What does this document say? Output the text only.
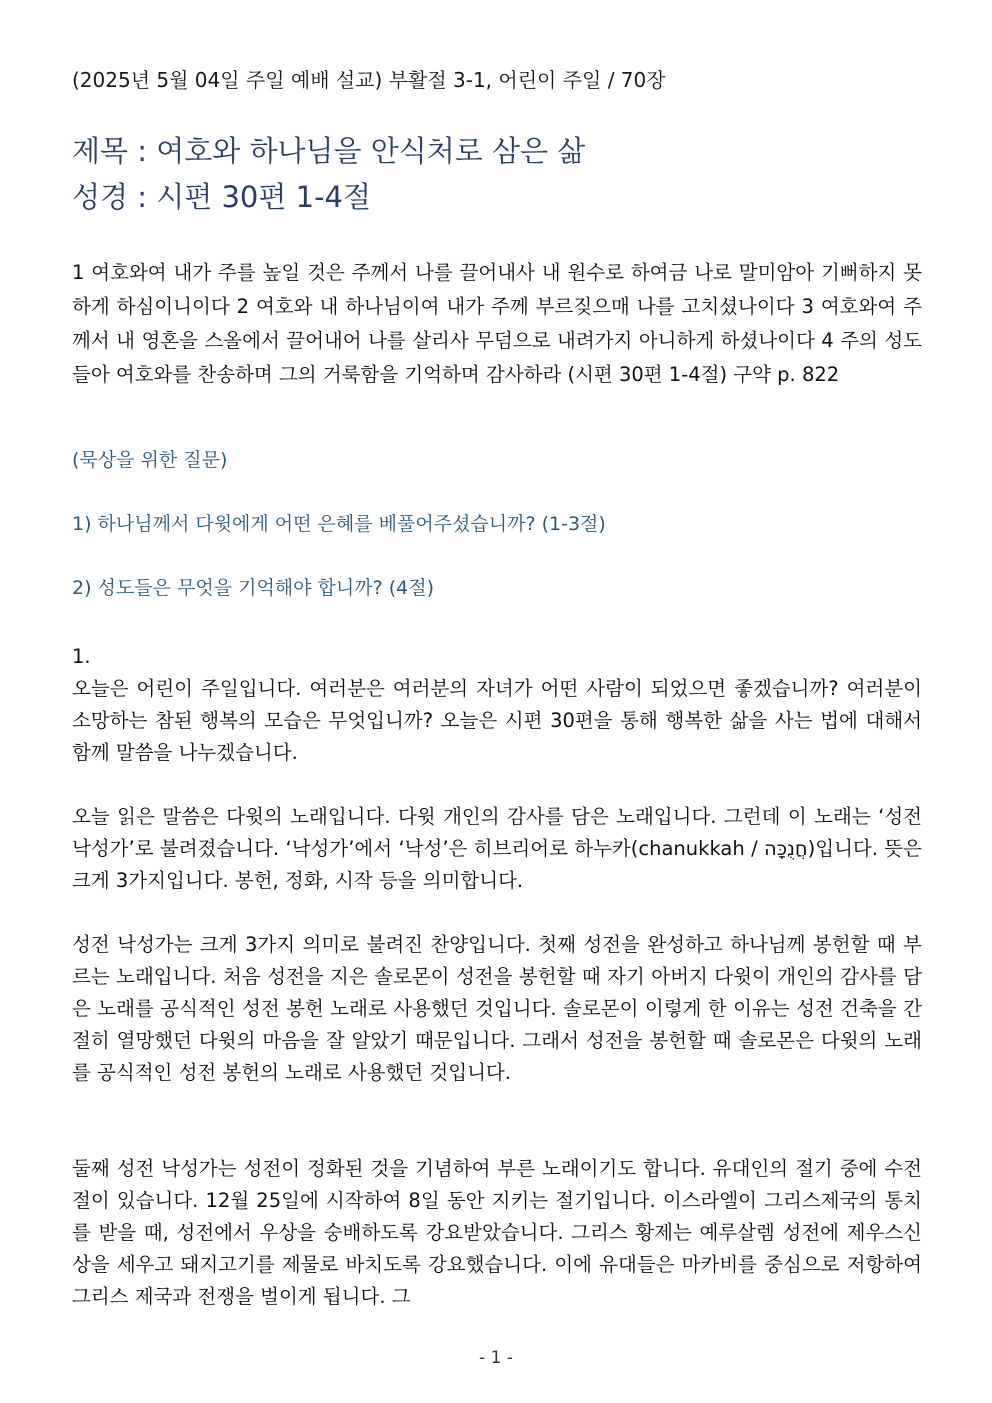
(2025년 5월 04일 주일 예배 설교) 부활절 3-1, 어린이 주일 / 70장
제목 : 여호와 하나님을 안식처로 삼은 삶
성경 : 시편 30편 1-4절
1 여호와여 내가 주를 높일 것은 주께서 나를 끌어내사 내 원수로 하여금 나로 말미암아 기뻐하지 못하게 하심이니이다 2 여호와 내 하나님이여 내가 주께 부르짖으매 나를 고치셨나이다 3 여호와여 주께서 내 영혼을 스올에서 끌어내어 나를 살리사 무덤으로 내려가지 아니하게 하셨나이다 4 주의 성도들아 여호와를 찬송하며 그의 거룩함을 기억하며 감사하라 (시편 30편 1-4절) 구약 p. 822
(묵상을 위한 질문)
1) 하나님께서 다윗에게 어떤 은혜를 베풀어주셨습니까? (1-3절)
2) 성도들은 무엇을 기억해야 합니까? (4절)
1.

오늘은 어린이 주일입니다. 여러분은 여러분의 자녀가 어떤 사람이 되었으면 좋겠습니까? 여러분이 소망하는 참된 행복의 모습은 무엇입니까? 오늘은 시편 30편을 통해 행복한 삶을 사는 법에 대해서 함께 말씀을 나누겠습니다.

오늘 읽은 말씀은 다윗의 노래입니다. 다윗 개인의 감사를 담은 노래입니다. 그런데 이 노래는 ‘성전 낙성가’로 불려졌습니다. ‘낙성가’에서 ‘낙성’은 히브리어로 하누카(chanukkah / חֲנֻכָּה)입니다. 뜻은 크게 3가지입니다. 봉헌, 정화, 시작 등을 의미합니다.

성전 낙성가는 크게 3가지 의미로 불려진 찬양입니다. 첫째 성전을 완성하고 하나님께 봉헌할 때 부르는 노래입니다. 처음 성전을 지은 솔로몬이 성전을 봉헌할 때 자기 아버지 다윗이 개인의 감사를 담은 노래를 공식적인 성전 봉헌 노래로 사용했던 것입니다. 솔로몬이 이렇게 한 이유는 성전 건축을 간절히 열망했던 다윗의 마음을 잘 알았기 때문입니다. 그래서 성전을 봉헌할 때 솔로몬은 다윗의 노래를 공식적인 성전 봉헌의 노래로 사용했던 것입니다.

둘째 성전 낙성가는 성전이 정화된 것을 기념하여 부른 노래이기도 합니다. 유대인의 절기 중에 수전절이 있습니다. 12월 25일에 시작하여 8일 동안 지키는 절기입니다. 이스라엘이 그리스제국의 통치를 받을 때, 성전에서 우상을 숭배하도록 강요받았습니다. 그리스 황제는 예루살렘 성전에 제우스신상을 세우고 돼지고기를 제물로 바치도록 강요했습니다. 이에 유대들은 마카비를 중심으로 저항하여 그리스 제국과 전쟁을 벌이게 됩니다. 그

- 1 -
